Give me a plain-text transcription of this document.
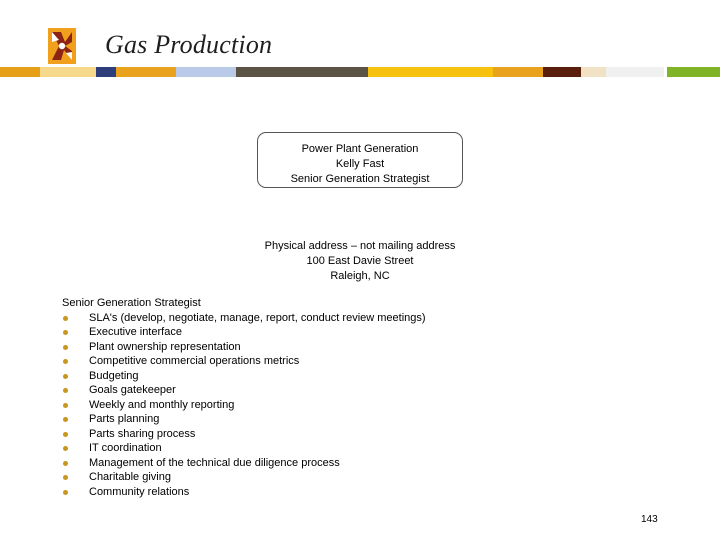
Gas Production
Power Plant Generation
Kelly Fast
Senior Generation Strategist
Physical address – not mailing address
100 East Davie Street
Raleigh, NC
Senior Generation Strategist
SLA's (develop, negotiate, manage, report, conduct review meetings)
Executive interface
Plant ownership representation
Competitive commercial operations metrics
Budgeting
Goals gatekeeper
Weekly and monthly reporting
Parts planning
Parts sharing process
IT coordination
Management of the technical due diligence process
Charitable giving
Community relations
143
